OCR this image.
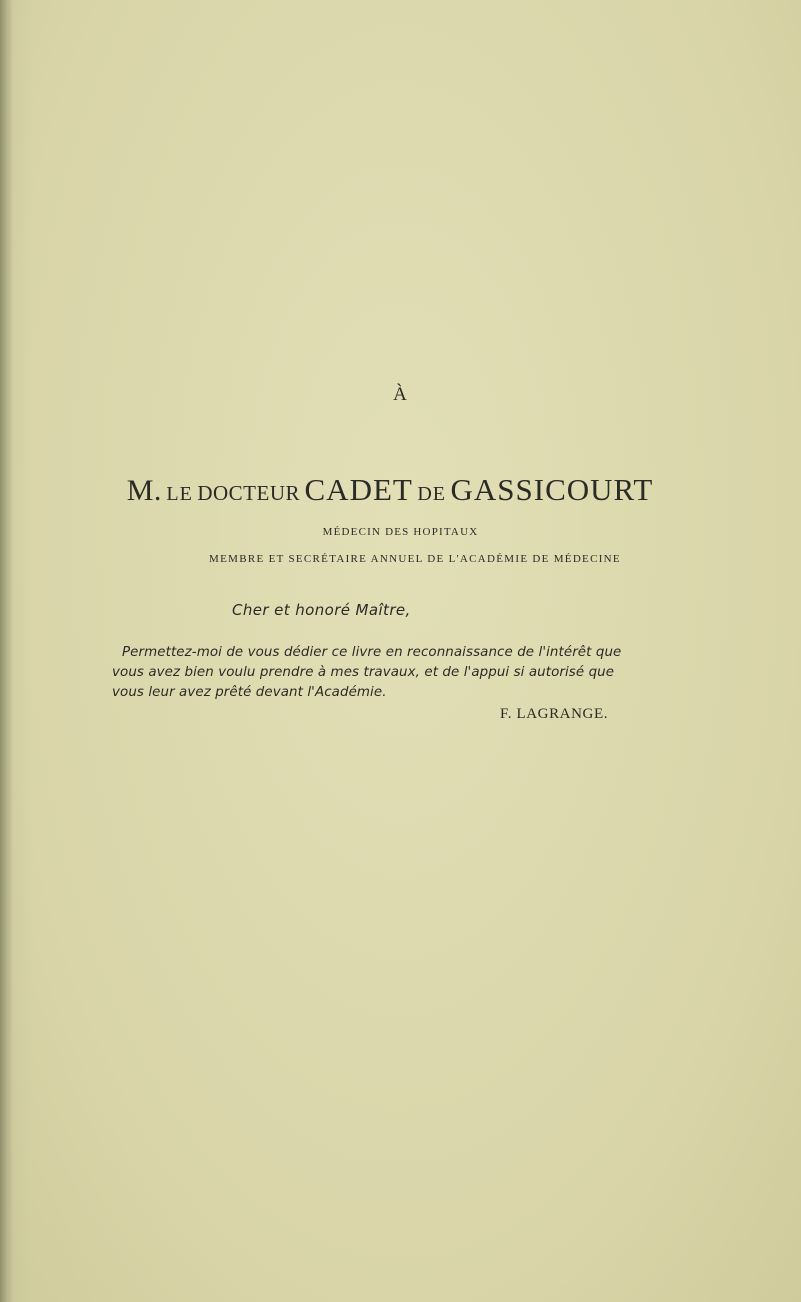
À
M. LE docteur CADET DE GASSICOURT
MÉDECIN DES HOPITAUX
MEMBRE ET SECRÉTAIRE ANNUEL DE L'ACADÉMIE DE MÉDECINE
Cher et honoré Maître,
Permettez-moi de vous dédier ce livre en reconnaissance de l'intérêt que
vous avez bien voulu prendre à mes travaux, et de l'appui si autorisé que
vous leur avez prêté devant l'Académie.
F. LAGRANGE.
